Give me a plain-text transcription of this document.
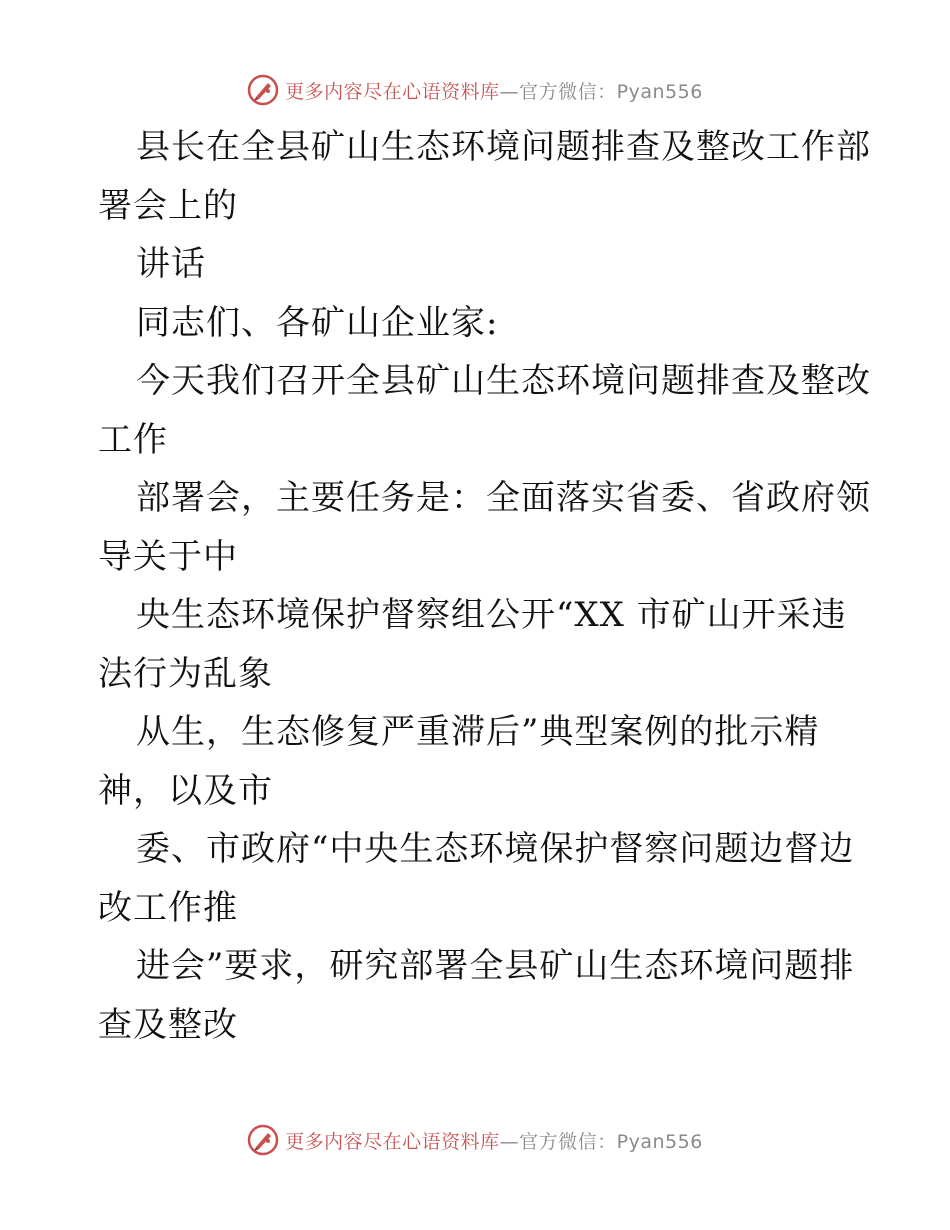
更多内容尽在心语资料库—官方微信：Pyan556
县长在全县矿山生态环境问题排查及整改工作部
署会上的
讲话
同志们、各矿山企业家:
今天我们召开全县矿山生态环境问题排查及整改
工作
部署会，主要任务是：全面落实省委、省政府领
导关于中
央生态环境保护督察组公开“XX 市矿山开采违
法行为乱象
从生，生态修复严重滞后”典型案例的批示精
神，以及市
委、市政府“中央生态环境保护督察问题边督边
改工作推
进会”要求，研究部署全县矿山生态环境问题排
查及整改
更多内容尽在心语资料库—官方微信：Pyan556
